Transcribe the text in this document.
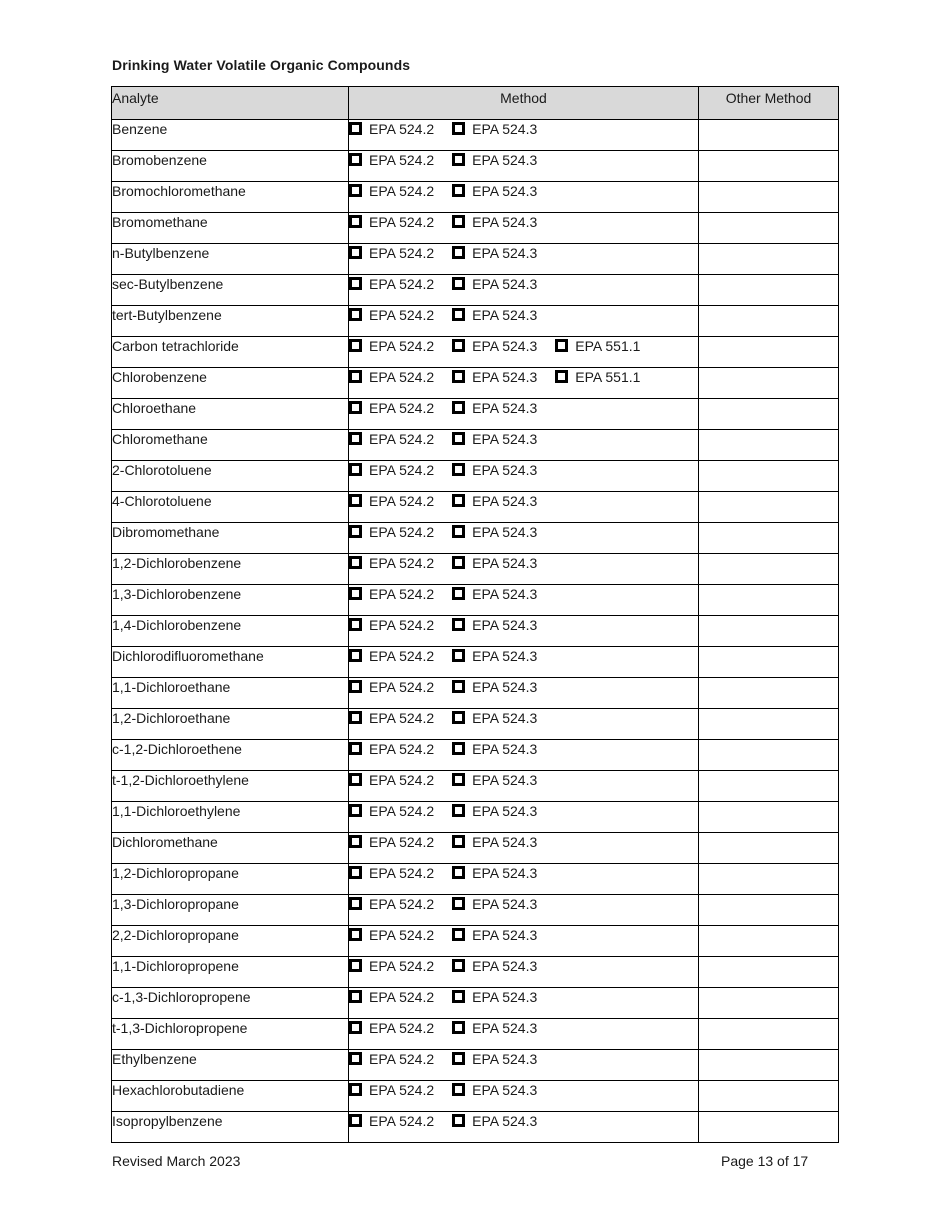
Drinking Water Volatile Organic Compounds
Analyte	Method	Other Method
Benzene	EPA 524.2 EPA 524.3	
Bromobenzene	EPA 524.2 EPA 524.3	
Bromochloromethane	EPA 524.2 EPA 524.3	
Bromomethane	EPA 524.2 EPA 524.3	
n-Butylbenzene	EPA 524.2 EPA 524.3	
sec-Butylbenzene	EPA 524.2 EPA 524.3	
tert-Butylbenzene	EPA 524.2 EPA 524.3	
Carbon tetrachloride	EPA 524.2 EPA 524.3 EPA 551.1	
Chlorobenzene	EPA 524.2 EPA 524.3 EPA 551.1	
Chloroethane	EPA 524.2 EPA 524.3	
Chloromethane	EPA 524.2 EPA 524.3	
2-Chlorotoluene	EPA 524.2 EPA 524.3	
4-Chlorotoluene	EPA 524.2 EPA 524.3	
Dibromomethane	EPA 524.2 EPA 524.3	
1,2-Dichlorobenzene	EPA 524.2 EPA 524.3	
1,3-Dichlorobenzene	EPA 524.2 EPA 524.3	
1,4-Dichlorobenzene	EPA 524.2 EPA 524.3	
Dichlorodifluoromethane	EPA 524.2 EPA 524.3	
1,1-Dichloroethane	EPA 524.2 EPA 524.3	
1,2-Dichloroethane	EPA 524.2 EPA 524.3	
c-1,2-Dichloroethene	EPA 524.2 EPA 524.3	
t-1,2-Dichloroethylene	EPA 524.2 EPA 524.3	
1,1-Dichloroethylene	EPA 524.2 EPA 524.3	
Dichloromethane	EPA 524.2 EPA 524.3	
1,2-Dichloropropane	EPA 524.2 EPA 524.3	
1,3-Dichloropropane	EPA 524.2 EPA 524.3	
2,2-Dichloropropane	EPA 524.2 EPA 524.3	
1,1-Dichloropropene	EPA 524.2 EPA 524.3	
c-1,3-Dichloropropene	EPA 524.2 EPA 524.3	
t-1,3-Dichloropropene	EPA 524.2 EPA 524.3	
Ethylbenzene	EPA 524.2 EPA 524.3	
Hexachlorobutadiene	EPA 524.2 EPA 524.3	
Isopropylbenzene	EPA 524.2 EPA 524.3	
Revised March 2023	Page 13 of 17
